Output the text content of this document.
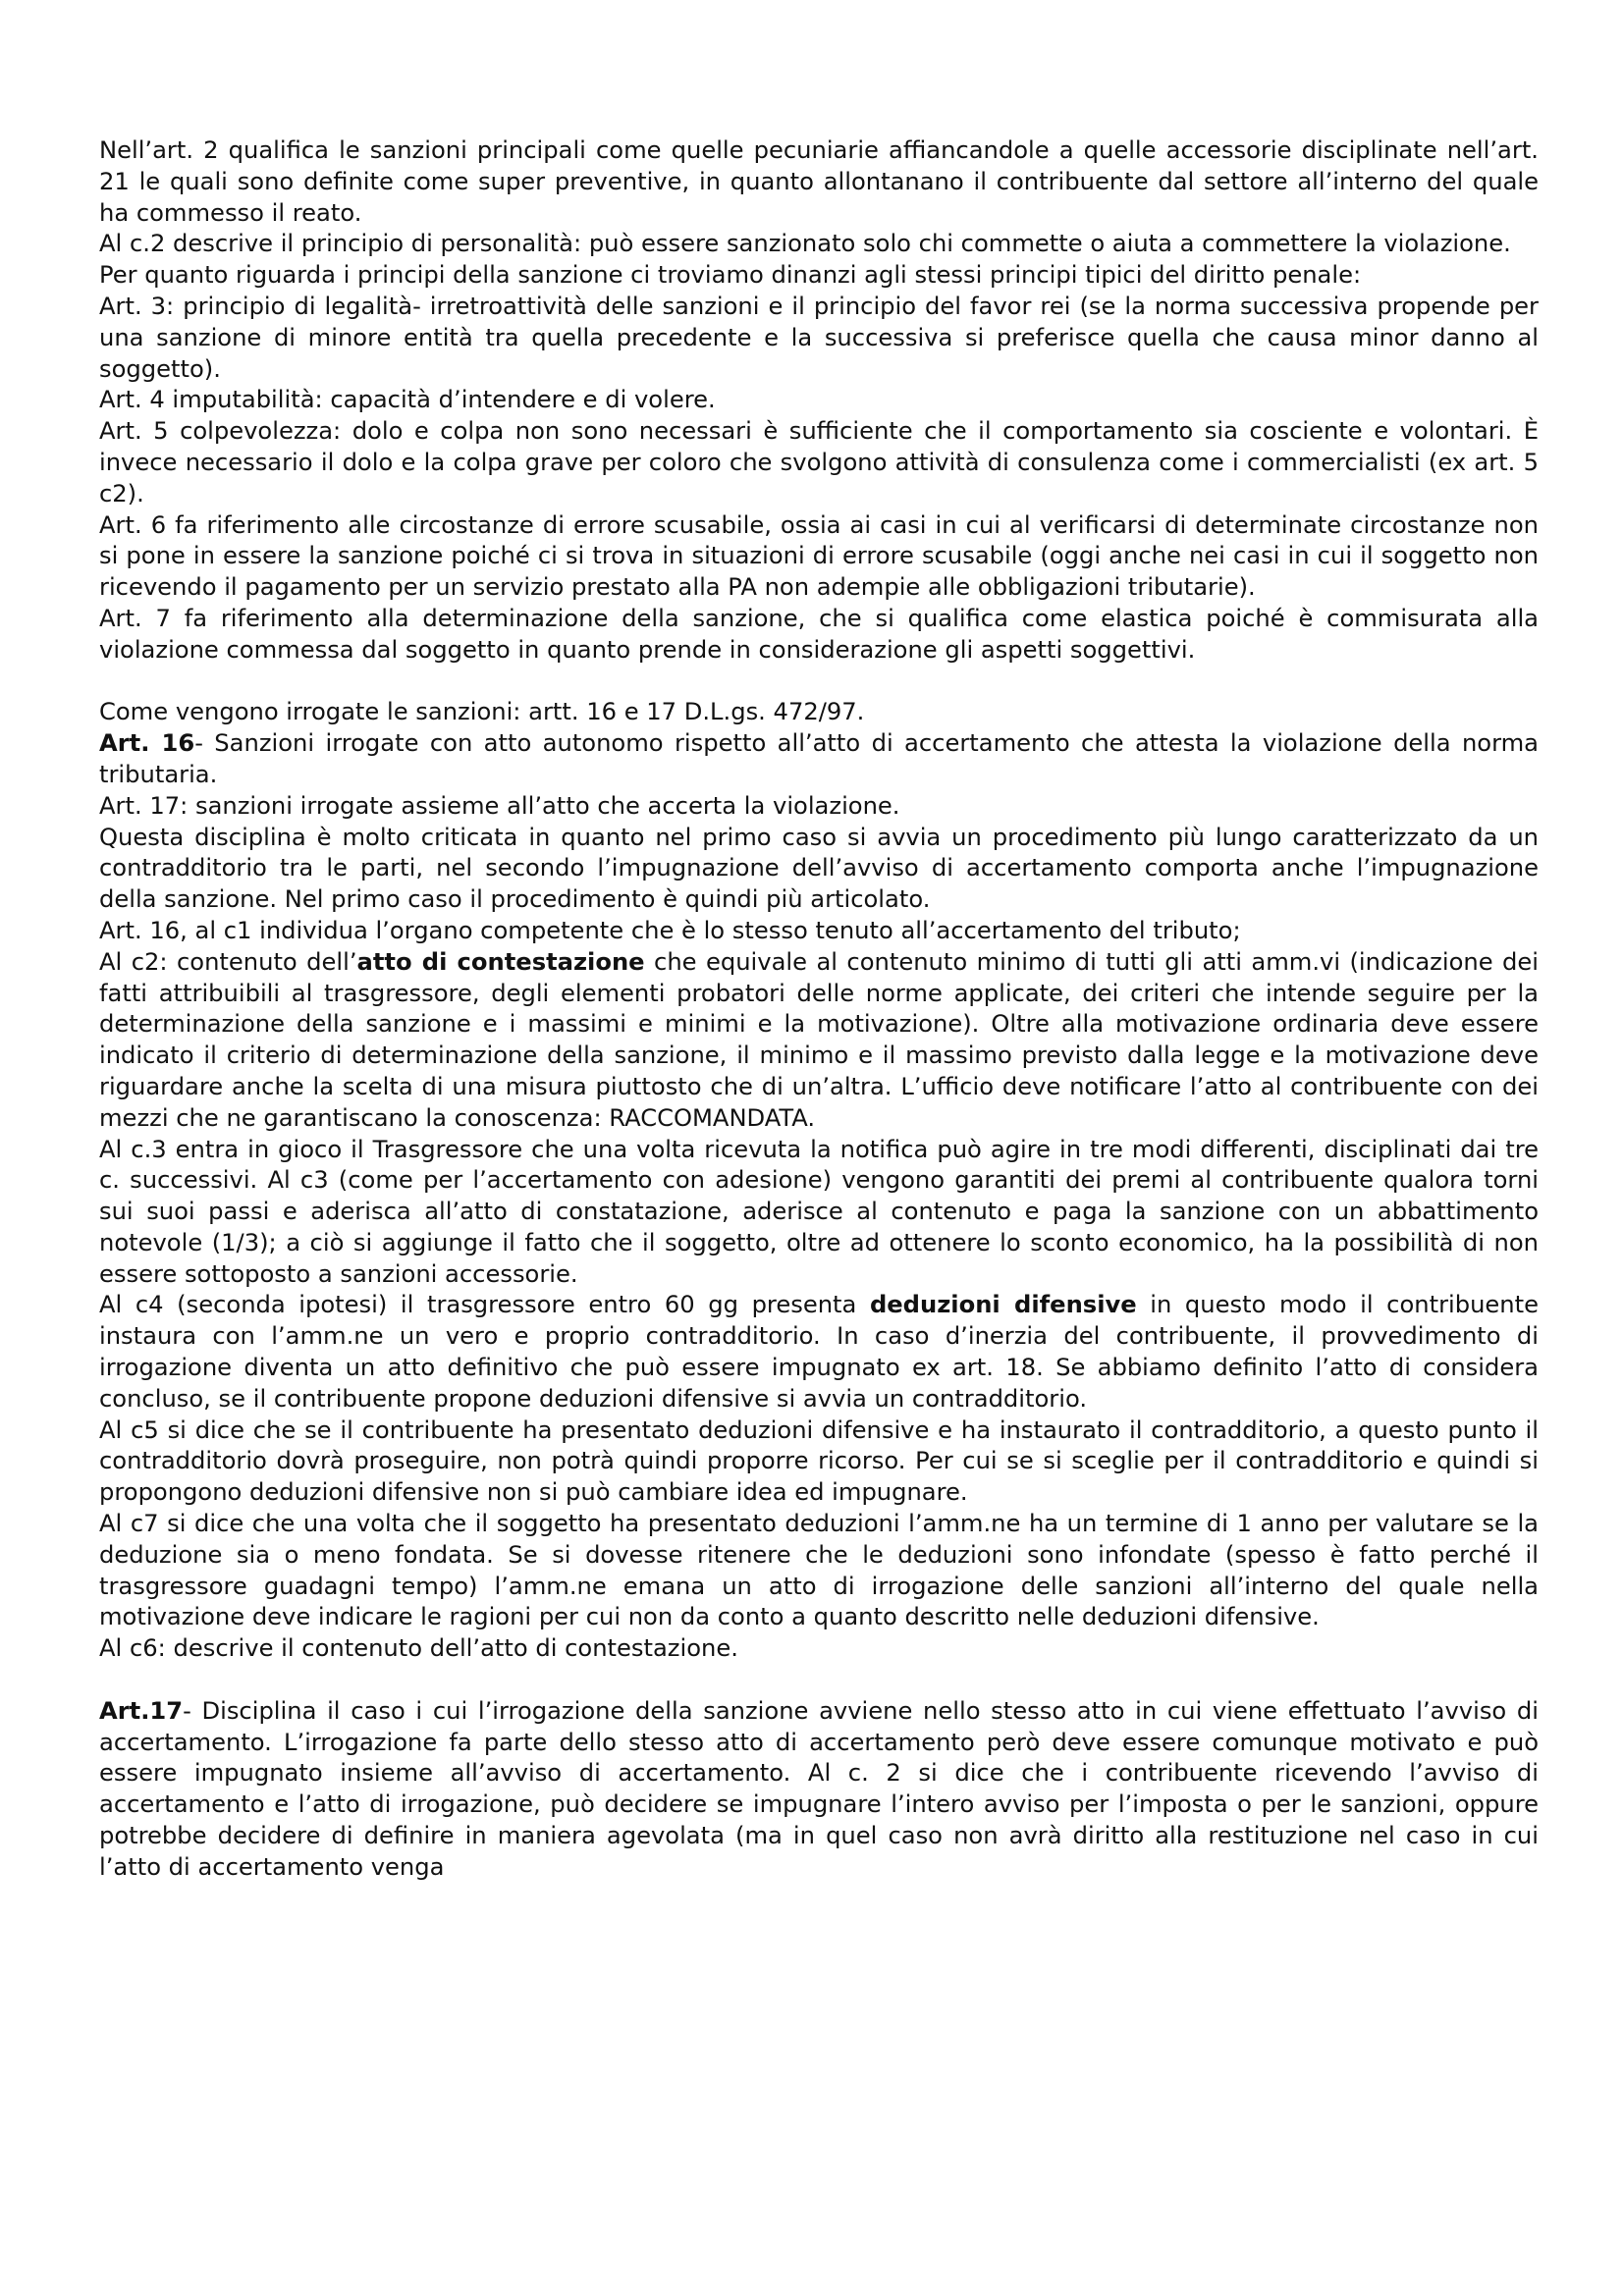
Nell’art. 2 qualifica le sanzioni principali come quelle pecuniarie affiancandole a quelle accessorie disciplinate nell’art. 21 le quali sono definite come super preventive, in quanto allontanano il contribuente dal settore all’interno del quale ha commesso il reato.

Al c.2 descrive il principio di personalità: può essere sanzionato solo chi commette o aiuta a commettere la violazione.

Per quanto riguarda i principi della sanzione ci troviamo dinanzi agli stessi principi tipici del diritto penale:

Art. 3: principio di legalità- irretroattività delle sanzioni e il principio del favor rei (se la norma successiva propende per una sanzione di minore entità tra quella precedente e la successiva si preferisce quella che causa minor danno al soggetto).

Art. 4 imputabilità: capacità d’intendere e di volere.

Art. 5 colpevolezza: dolo e colpa non sono necessari è sufficiente che il comportamento sia cosciente e volontari. È invece necessario il dolo e la colpa grave per coloro che svolgono attività di consulenza come i commercialisti (ex art. 5 c2).

Art. 6 fa riferimento alle circostanze di errore scusabile, ossia ai casi in cui al verificarsi di determinate circostanze non si pone in essere la sanzione poiché ci si trova in situazioni di errore scusabile (oggi anche nei casi in cui il soggetto non ricevendo il pagamento per un servizio prestato alla PA non adempie alle obbligazioni tributarie).

Art. 7 fa riferimento alla determinazione della sanzione, che si qualifica come elastica poiché è commisurata alla violazione commessa dal soggetto in quanto prende in considerazione gli aspetti soggettivi.

Come vengono irrogate le sanzioni: artt. 16 e 17 D.L.gs. 472/97.

Art. 16- Sanzioni irrogate con atto autonomo rispetto all’atto di accertamento che attesta la violazione della norma tributaria.

Art. 17: sanzioni irrogate assieme all’atto che accerta la violazione.

Questa disciplina è molto criticata in quanto nel primo caso si avvia un procedimento più lungo caratterizzato da un contradditorio tra le parti, nel secondo l’impugnazione dell’avviso di accertamento comporta anche l’impugnazione della sanzione. Nel primo caso il procedimento è quindi più articolato.

Art. 16, al c1 individua l’organo competente che è lo stesso tenuto all’accertamento del tributo;

Al c2: contenuto dell’atto di contestazione che equivale al contenuto minimo di tutti gli atti amm.vi (indicazione dei fatti attribuibili al trasgressore, degli elementi probatori delle norme applicate, dei criteri che intende seguire per la determinazione della sanzione e i massimi e minimi e la motivazione). Oltre alla motivazione ordinaria deve essere indicato il criterio di determinazione della sanzione, il minimo e il massimo previsto dalla legge e la motivazione deve riguardare anche la scelta di una misura piuttosto che di un’altra. L’ufficio deve notificare l’atto al contribuente con dei mezzi che ne garantiscano la conoscenza: RACCOMANDATA.

Al c.3 entra in gioco il Trasgressore che una volta ricevuta la notifica può agire in tre modi differenti, disciplinati dai tre c. successivi. Al c3 (come per l’accertamento con adesione) vengono garantiti dei premi al contribuente qualora torni sui suoi passi e aderisca all’atto di constatazione, aderisce al contenuto e paga la sanzione con un abbattimento notevole (1/3); a ciò si aggiunge il fatto che il soggetto, oltre ad ottenere lo sconto economico, ha la possibilità di non essere sottoposto a sanzioni accessorie.

Al c4 (seconda ipotesi) il trasgressore entro 60 gg presenta deduzioni difensive in questo modo il contribuente instaura con l’amm.ne un vero e proprio contradditorio. In caso d’inerzia del contribuente, il provvedimento di irrogazione diventa un atto definitivo che può essere impugnato ex art. 18. Se abbiamo definito l’atto di considera concluso, se il contribuente propone deduzioni difensive si avvia un contradditorio.

Al c5 si dice che se il contribuente ha presentato deduzioni difensive e ha instaurato il contradditorio, a questo punto il contradditorio dovrà proseguire, non potrà quindi proporre ricorso. Per cui se si sceglie per il contradditorio e quindi si propongono deduzioni difensive non si può cambiare idea ed impugnare.

Al c7 si dice che una volta che il soggetto ha presentato deduzioni l’amm.ne ha un termine di 1 anno per valutare se la deduzione sia o meno fondata. Se si dovesse ritenere che le deduzioni sono infondate (spesso è fatto perché il trasgressore guadagni tempo) l’amm.ne emana un atto di irrogazione delle sanzioni all’interno del quale nella motivazione deve indicare le ragioni per cui non da conto a quanto descritto nelle deduzioni difensive.

Al c6: descrive il contenuto dell’atto di contestazione.

Art.17- Disciplina il caso i cui l’irrogazione della sanzione avviene nello stesso atto in cui viene effettuato l’avviso di accertamento. L’irrogazione fa parte dello stesso atto di accertamento però deve essere comunque motivato e può essere impugnato insieme all’avviso di accertamento. Al c. 2 si dice che i contribuente ricevendo l’avviso di accertamento e l’atto di irrogazione, può decidere se impugnare l’intero avviso per l’imposta o per le sanzioni, oppure potrebbe decidere di definire in maniera agevolata (ma in quel caso non avrà diritto alla restituzione nel caso in cui l’atto di accertamento venga
